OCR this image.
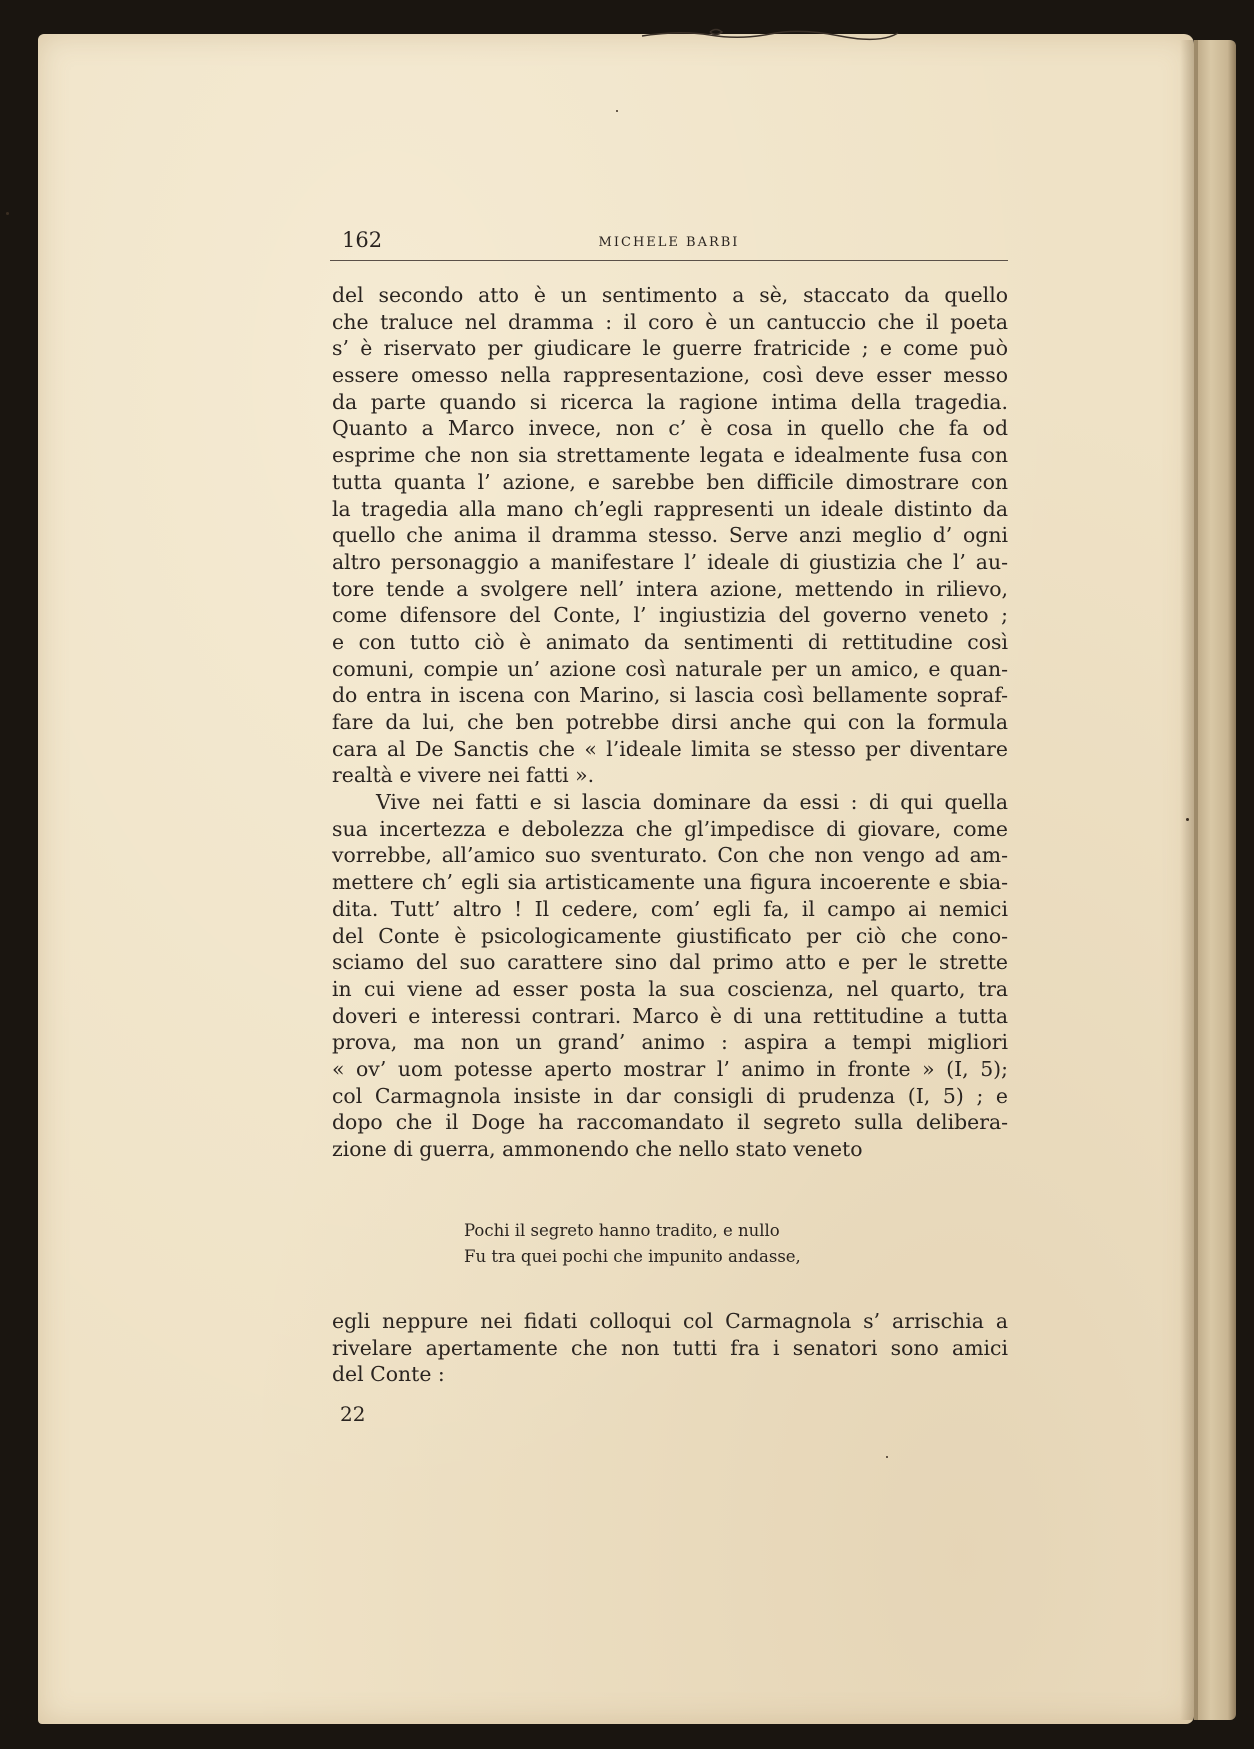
162	MICHELE BARBI
del secondo atto è un sentimento a sè, staccato da quello
che traluce nel dramma : il coro è un cantuccio che il poeta
s’ è riservato per giudicare le guerre fratricide ; e come può
essere omesso nella rappresentazione, così deve esser messo
da parte quando si ricerca la ragione intima della tragedia.
Quanto a Marco invece, non c’ è cosa in quello che fa od
esprime che non sia strettamente legata e idealmente fusa con
tutta quanta l’ azione, e sarebbe ben difficile dimostrare con
la tragedia alla mano ch’egli rappresenti un ideale distinto da
quello che anima il dramma stesso. Serve anzi meglio d’ ogni
altro personaggio a manifestare l’ ideale di giustizia che l’ au-
tore tende a svolgere nell’ intera azione, mettendo in rilievo,
come difensore del Conte, l’ ingiustizia del governo veneto ;
e con tutto ciò è animato da sentimenti di rettitudine così
comuni, compie un’ azione così naturale per un amico, e quan-
do entra in iscena con Marino, si lascia così bellamente sopraf-
fare da lui, che ben potrebbe dirsi anche qui con la formula
cara al De Sanctis che « l’ideale limita se stesso per diventare
realtà e vivere nei fatti ».
Vive nei fatti e si lascia dominare da essi : di qui quella
sua incertezza e debolezza che gl’impedisce di giovare, come
vorrebbe, all’amico suo sventurato. Con che non vengo ad am-
mettere ch’ egli sia artisticamente una figura incoerente e sbia-
dita. Tutt’ altro ! Il cedere, com’ egli fa, il campo ai nemici
del Conte è psicologicamente giustificato per ciò che cono-
sciamo del suo carattere sino dal primo atto e per le strette
in cui viene ad esser posta la sua coscienza, nel quarto, tra
doveri e interessi contrari. Marco è di una rettitudine a tutta
prova, ma non un grand’ animo : aspira a tempi migliori
« ov’ uom potesse aperto mostrar l’ animo in fronte » (I, 5);
col Carmagnola insiste in dar consigli di prudenza (I, 5) ; e
dopo che il Doge ha raccomandato il segreto sulla delibera-
zione di guerra, ammonendo che nello stato veneto
Pochi il segreto hanno tradito, e nullo
Fu tra quei pochi che impunito andasse,
egli neppure nei fidati colloqui col Carmagnola s’ arrischia a
rivelare apertamente che non tutti fra i senatori sono amici
del Conte :
22
